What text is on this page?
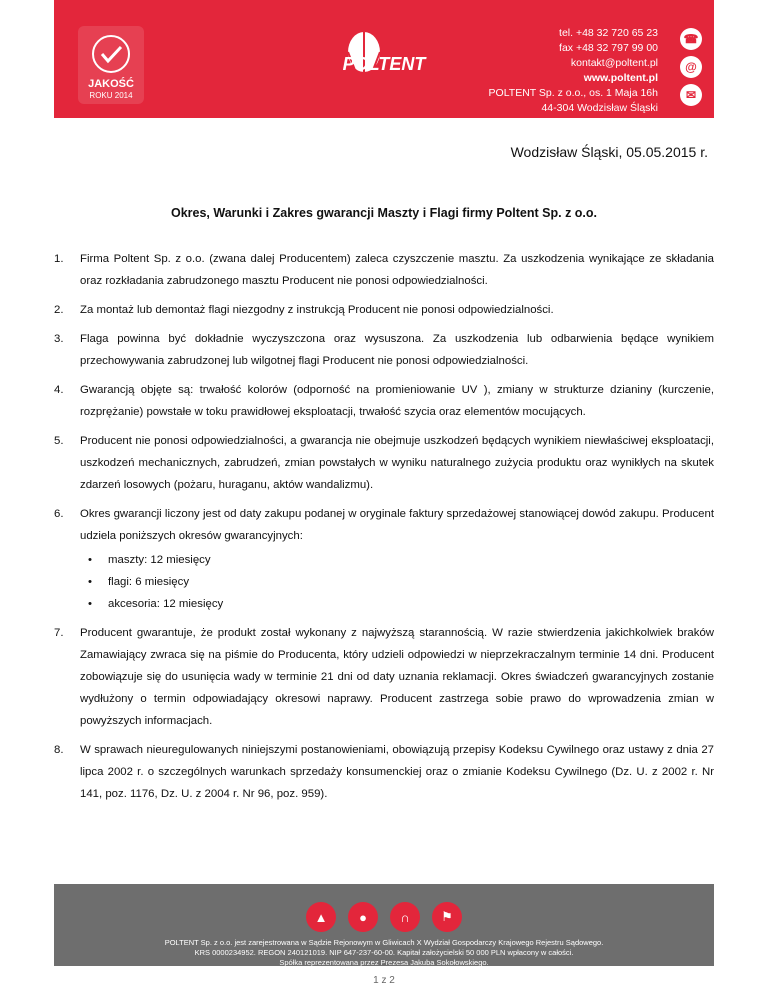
JAKOŚĆ
ROKU 2014
POLTENT
tel. +48 32 720 65 23
fax +48 32 797 99 00
kontakt@poltent.pl
www.poltent.pl
POLTENT Sp. z o.o., os. 1 Maja 16h
44-304 Wodzisław Śląski
☎
@
✉
Wodzisław Śląski, 05.05.2015 r.
Okres, Warunki i Zakres gwarancji Maszty i Flagi firmy Poltent Sp. z o.o.
1.	Firma Poltent Sp. z o.o. (zwana dalej Producentem) zaleca czyszczenie masztu. Za uszkodzenia wynikające ze składania oraz rozkładania zabrudzonego masztu Producent nie ponosi odpowiedzialności.
2.	Za montaż lub demontaż flagi niezgodny z instrukcją Producent nie ponosi odpowiedzialności.
3.	Flaga powinna być dokładnie wyczyszczona oraz wysuszona. Za uszkodzenia lub odbarwienia będące wynikiem przechowywania zabrudzonej lub wilgotnej flagi Producent nie ponosi odpowiedzialności.
4.	Gwarancją objęte są: trwałość kolorów (odporność na promieniowanie UV ), zmiany w strukturze dzianiny (kurczenie, rozprężanie) powstałe w toku prawidłowej eksploatacji, trwałość szycia oraz elementów mocujących.
5.	Producent nie ponosi odpowiedzialności, a gwarancja nie obejmuje uszkodzeń będących wynikiem niewłaściwej eksploatacji, uszkodzeń mechanicznych, zabrudzeń, zmian powstałych w wyniku naturalnego zużycia produktu oraz wynikłych na skutek zdarzeń losowych (pożaru, huraganu, aktów wandalizmu).
6.	Okres gwarancji liczony jest od daty zakupu podanej w oryginale faktury sprzedażowej stanowiącej dowód zakupu. Producent udziela poniższych okresów gwarancyjnych:
•	maszty: 12 miesięcy
•	flagi: 6 miesięcy
•	akcesoria: 12 miesięcy
7.	Producent gwarantuje, że produkt został wykonany z najwyższą starannością. W razie stwierdzenia jakichkolwiek braków Zamawiający zwraca się na piśmie do Producenta, który udzieli odpowiedzi w nieprzekraczalnym terminie 14 dni. Producent zobowiązuje się do usunięcia wady w terminie 21 dni od daty uznania reklamacji. Okres świadczeń gwarancyjnych zostanie wydłużony o termin odpowiadający okresowi naprawy. Producent zastrzega sobie prawo do wprowadzenia zmian w powyższych informacjach.
8.	W sprawach nieuregulowanych niniejszymi postanowieniami, obowiązują przepisy Kodeksu Cywilnego oraz ustawy z dnia 27 lipca 2002 r. o szczególnych warunkach sprzedaży konsumenckiej oraz o zmianie Kodeksu Cywilnego (Dz. U. z 2002 r. Nr 141, poz. 1176, Dz. U. z 2004 r. Nr 96, poz. 959).
▲	●	∩	⚑
POLTENT Sp. z o.o. jest zarejestrowana w Sądzie Rejonowym w Gliwicach X Wydział Gospodarczy Krajowego Rejestru Sądowego.
KRS 0000234952. REGON 240121019. NIP 647-237-60-00. Kapitał założycielski 50 000 PLN wpłacony w całości.
Spółka reprezentowana przez Prezesa Jakuba Sokołowskiego.
1 z 2
